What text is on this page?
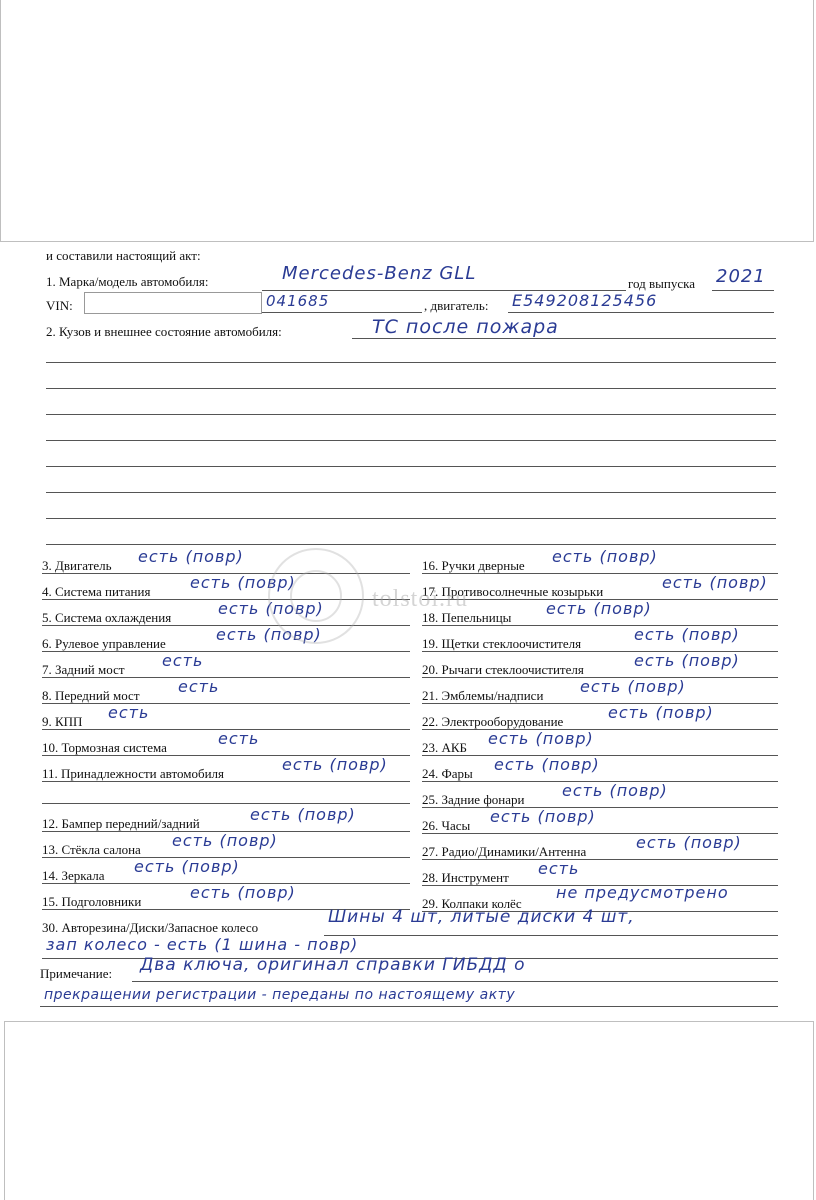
и составили настоящий акт:
1. Марка/модель автомобиля:	Mercedes-Benz GLL	год выпуска 2021
VIN:	041685	, двигатель: E549208125456
2. Кузов и внешнее состояние автомобиля:	ТС после пожара
3. Двигатель есть (повр)
4. Система питания есть (повр)
5. Система охлаждения	есть (повр)
6. Рулевое управление	есть (повр)
7. Задний мост есть
8. Передний мост есть
9. КПП есть
10. Тормозная система	есть
11. Принадлежности автомобиля	есть (повр)
12. Бампер передний/задний	есть (повр)
13. Стёкла салона есть (повр)
14. Зеркала есть (повр)
15. Подголовники	есть (повр)
16. Ручки дверные есть (повр)
17. Противосолнечные козырьки	есть (повр)
18. Пепельницы есть (повр)
19. Щетки стеклоочистителя	есть (повр)
20. Рычаги стеклоочистителя	есть (повр)
21. Эмблемы/надписи есть (повр)
22. Электрооборудование	есть (повр)
23. АКБ есть (повр)
24. Фары есть (повр)
25. Задние фонари есть (повр)
26. Часы есть (повр)
27. Радио/Динамики/Антенна	есть (повр)
28. Инструмент есть
29. Колпаки колёс
не предусмотрено
30. Авторезина/Диски/Запасное колесо
Шины 4 шт, литые диски 4 шт,
зап колесо - есть (1 шина - повр)
Примечание: Два ключа, оригинал справки ГИБДД о
прекращении регистрации - переданы по настоящему акту
tolstoi.ru
